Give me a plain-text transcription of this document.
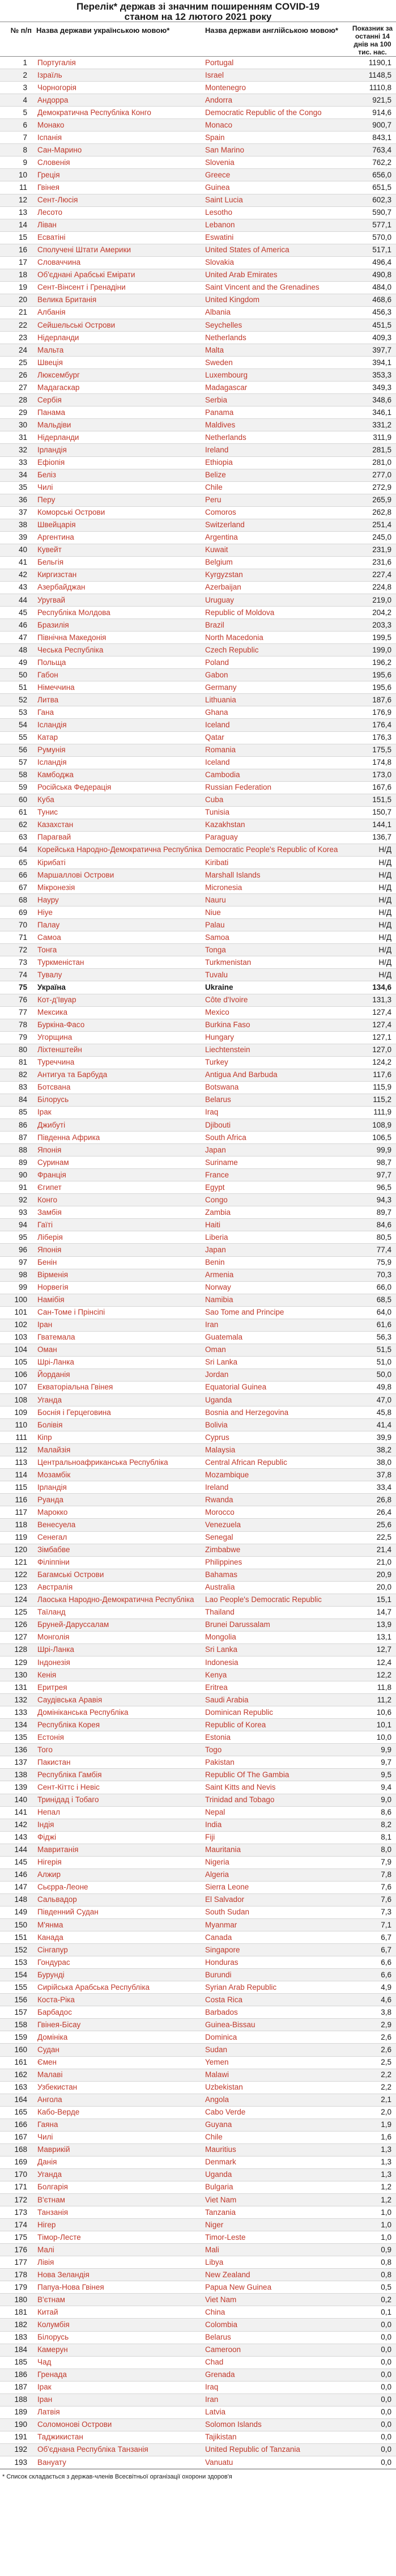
Перелік* держав зі значним поширенням COVID-19
станом на 12 лютого 2021 року
№ п/п	Назва держави українською мовою*	Назва держави англійською мовою*	Показник за останні 14 днів на 100 тис. нас.
1	Португалія	Portugal	1190,1
2	Ізраїль	Israel	1148,5
3	Чорногорія	Montenegro	1110,8
4	Андорра	Andorra	921,5
5	Демократична Республіка Конго	Democratic Republic of the Congo	914,6
6	Монако	Monaco	900,7
7	Іспанія	Spain	843,1
8	Сан-Марино	San Marino	763,4
9	Словенія	Slovenia	762,2
10	Греція	Greece	656,0
11	Гвінея	Guinea	651,5
12	Сент-Люсія	Saint Lucia	602,3
13	Лесото	Lesotho	590,7
14	Ліван	Lebanon	577,1
15	Есватіні	Eswatini	570,0
16	Сполучені Штати Америки	United States of America	517,1
17	Словаччина	Slovakia	496,4
18	Об'єднані Арабські Емірати	United Arab Emirates	490,8
19	Сент-Вінсент і Гренадіни	Saint Vincent and the Grenadines	484,0
20	Велика Британія	United Kingdom	468,6
21	Албанія	Albania	456,3
22	Сейшельські Острови	Seychelles	451,5
23	Нідерланди	Netherlands	409,3
24	Мальта	Malta	397,7
25	Швеція	Sweden	394,1
26	Люксембург	Luxembourg	353,3
27	Мадагаскар	Madagascar	349,3
28	Сербія	Serbia	348,6
29	Панама	Panama	346,1
30	Мальдіви	Maldives	331,2
31	Нідерланди	Netherlands	311,9
32	Ірландія	Ireland	281,5
33	Ефіопія	Ethiopia	281,0
34	Беліз	Belize	277,0
35	Чилі	Chile	272,9
36	Перу	Peru	265,9
37	Коморські Острови	Comoros	262,8
38	Швейцарія	Switzerland	251,4
39	Аргентина	Argentina	245,0
40	Кувейт	Kuwait	231,9
41	Бельгія	Belgium	231,6
42	Киргизстан	Kyrgyzstan	227,4
43	Азербайджан	Azerbaijan	224,8
44	Уругвай	Uruguay	219,0
45	Республіка Молдова	Republic of Moldova	204,2
46	Бразилія	Brazil	203,3
47	Північна Македонія	North Macedonia	199,5
48	Чеська Республіка	Czech Republic	199,0
49	Польща	Poland	196,2
50	Габон	Gabon	195,6
51	Німеччина	Germany	195,6
52	Литва	Lithuania	187,6
53	Гана	Ghana	176,9
54	Ісландія	Iceland	176,4
55	Катар	Qatar	176,3
56	Румунія	Romania	175,5
57	Ісландія	Iceland	174,8
58	Камбоджа	Cambodia	173,0
59	Російська Федерація	Russian Federation	167,6
60	Куба	Cuba	151,5
61	Тунис	Tunisia	150,7
62	Казахстан	Kazakhstan	144,1
63	Парагвай	Paraguay	136,7
64	Корейська Народно-Демократична Республіка	Democratic People's Republic of Korea	Н/Д
65	Кірибаті	Kiribati	Н/Д
66	Маршаллові Острови	Marshall Islands	Н/Д
67	Мікронезія	Micronesia	Н/Д
68	Науру	Nauru	Н/Д
69	Ніуе	Niue	Н/Д
70	Палау	Palau	Н/Д
71	Самоа	Samoa	Н/Д
72	Тонга	Tonga	Н/Д
73	Туркменістан	Turkmenistan	Н/Д
74	Тувалу	Tuvalu	Н/Д
75	Україна	Ukraine	134,6
76	Кот-д'Івуар	Côte d'Ivoire	131,3
77	Мексика	Mexico	127,4
78	Буркіна-Фасо	Burkina Faso	127,4
79	Угорщина	Hungary	127,1
80	Ліхтенштейн	Liechtenstein	127,0
81	Туреччина	Turkey	124,2
82	Антигуа та Барбуда	Antigua And Barbuda	117,6
83	Ботсвана	Botswana	115,9
84	Білорусь	Belarus	115,2
85	Ірак	Iraq	111,9
86	Джибуті	Djibouti	108,9
87	Південна Африка	South Africa	106,5
88	Японія	Japan	99,9
89	Суринам	Suriname	98,7
90	Франція	France	97,7
91	Єгипет	Egypt	96,5
92	Конго	Congo	94,3
93	Замбія	Zambia	89,7
94	Гаїті	Haiti	84,6
95	Ліберія	Liberia	80,5
96	Японія	Japan	77,4
97	Бенін	Benin	75,9
98	Вірменія	Armenia	70,3
99	Норвегія	Norway	66,0
100	Намібія	Namibia	68,5
101	Сан-Томе і Прінсіпі	Sao Tome and Principe	64,0
102	Іран	Iran	61,6
103	Гватемала	Guatemala	56,3
104	Оман	Oman	51,5
105	Шрі-Ланка	Sri Lanka	51,0
106	Йорданія	Jordan	50,0
107	Екваторіальна Гвінея	Equatorial Guinea	49,8
108	Уганда	Uganda	47,0
109	Боснія і Герцеговина	Bosnia and Herzegovina	45,8
110	Болівія	Bolivia	41,4
111	Кіпр	Cyprus	39,9
112	Малайзія	Malaysia	38,2
113	Центральноафриканська Республіка	Central African Republic	38,0
114	Мозамбік	Mozambique	37,8
115	Ірландія	Ireland	33,4
116	Руанда	Rwanda	26,8
117	Марокко	Morocco	26,4
118	Венесуела	Venezuela	25,6
119	Сенегал	Senegal	22,5
120	Зімбабве	Zimbabwe	21,4
121	Філіппіни	Philippines	21,0
122	Багамські Острови	Bahamas	20,9
123	Австралія	Australia	20,0
124	Лаоська Народно-Демократична Республіка	Lao People's Democratic Republic	15,1
125	Таїланд	Thailand	14,7
126	Бруней-Даруссалам	Brunei Darussalam	13,9
127	Монголія	Mongolia	13,1
128	Шрі-Ланка	Sri Lanka	12,7
129	Індонезія	Indonesia	12,4
130	Кенія	Kenya	12,2
131	Еритрея	Eritrea	11,8
132	Саудівська Аравія	Saudi Arabia	11,2
133	Домініканська Республіка	Dominican Republic	10,6
134	Республіка Корея	Republic of Korea	10,1
135	Естонія	Estonia	10,0
136	Того	Togo	9,9
137	Пакистан	Pakistan	9,7
138	Республіка Гамбія	Republic Of The Gambia	9,5
139	Сент-Кіттс і Невіс	Saint Kitts and Nevis	9,4
140	Тринідад і Тобаго	Trinidad and Tobago	9,0
141	Непал	Nepal	8,6
142	Індія	India	8,2
143	Фіджі	Fiji	8,1
144	Мавританія	Mauritania	8,0
145	Нігерія	Nigeria	7,9
146	Алжир	Algeria	7,8
147	Сьєрра-Леоне	Sierra Leone	7,6
148	Сальвадор	El Salvador	7,6
149	Південний Судан	South Sudan	7,3
150	М'янма	Myanmar	7,1
151	Канада	Canada	6,7
152	Сінгапур	Singapore	6,7
153	Гондурас	Honduras	6,6
154	Бурунді	Burundi	6,6
155	Сирійська Арабська Республіка	Syrian Arab Republic	4,9
156	Коста-Ріка	Costa Rica	4,6
157	Барбадос	Barbados	3,8
158	Гвінея-Бісау	Guinea-Bissau	2,9
159	Домініка	Dominica	2,6
160	Судан	Sudan	2,6
161	Ємен	Yemen	2,5
162	Малаві	Malawi	2,2
163	Узбекистан	Uzbekistan	2,2
164	Ангола	Angola	2,1
165	Кабо-Верде	Cabo Verde	2,0
166	Гаяна	Guyana	1,9
167	Чилі	Chile	1,6
168	Маврикій	Mauritius	1,3
169	Данія	Denmark	1,3
170	Уганда	Uganda	1,3
171	Болгарія	Bulgaria	1,2
172	В'єтнам	Viet Nam	1,2
173	Танзанія	Tanzania	1,0
174	Нігер	Niger	1,0
175	Тімор-Лесте	Timor-Leste	1,0
176	Малі	Mali	0,9
177	Лівія	Libya	0,8
178	Нова Зеландія	New Zealand	0,8
179	Папуа-Нова Гвінея	Papua New Guinea	0,5
180	В'єтнам	Viet Nam	0,2
181	Китай	China	0,1
182	Колумбія	Colombia	0,0
183	Білорусь	Belarus	0,0
184	Камерун	Cameroon	0,0
185	Чад	Chad	0,0
186	Гренада	Grenada	0,0
187	Ірак	Iraq	0,0
188	Іран	Iran	0,0
189	Латвія	Latvia	0,0
190	Соломонові Острови	Solomon Islands	0,0
191	Таджикистан	Tajikistan	0,0
192	Об'єднана Республіка Танзанія	United Republic of Tanzania	0,0
193	Вануату	Vanuatu	0,0
* Список складається з держав-членів Всесвітньої організації охорони здоров'я
